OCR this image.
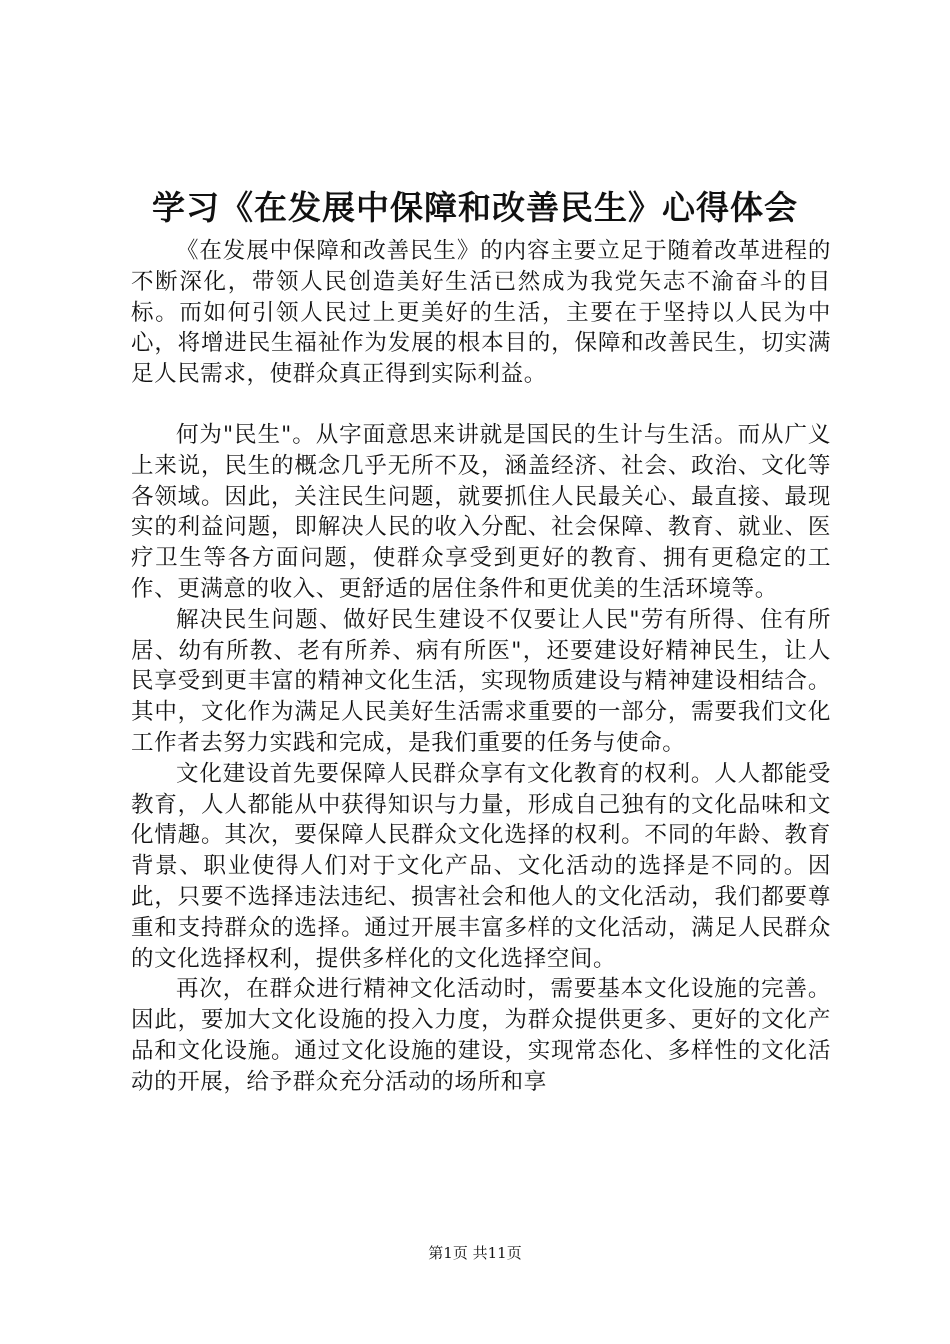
学习《在发展中保障和改善民生》心得体会

《在发展中保障和改善民生》的内容主要立足于随着改革进程的不断深化，带领人民创造美好生活已然成为我党矢志不渝奋斗的目标。而如何引领人民过上更美好的生活，主要在于坚持以人民为中心，将增进民生福祉作为发展的根本目的，保障和改善民生，切实满足人民需求，使群众真正得到实际利益。

何为"民生"。从字面意思来讲就是国民的生计与生活。而从广义上来说，民生的概念几乎无所不及，涵盖经济、社会、政治、文化等各领域。因此，关注民生问题，就要抓住人民最关心、最直接、最现实的利益问题，即解决人民的收入分配、社会保障、教育、就业、医疗卫生等各方面问题，使群众享受到更好的教育、拥有更稳定的工作、更满意的收入、更舒适的居住条件和更优美的生活环境等。

解决民生问题、做好民生建设不仅要让人民"劳有所得、住有所居、幼有所教、老有所养、病有所医"，还要建设好精神民生，让人民享受到更丰富的精神文化生活，实现物质建设与精神建设相结合。其中，文化作为满足人民美好生活需求重要的一部分，需要我们文化工作者去努力实践和完成，是我们重要的任务与使命。

文化建设首先要保障人民群众享有文化教育的权利。人人都能受教育，人人都能从中获得知识与力量，形成自己独有的文化品味和文化情趣。其次，要保障人民群众文化选择的权利。不同的年龄、教育背景、职业使得人们对于文化产品、文化活动的选择是不同的。因此，只要不选择违法违纪、损害社会和他人的文化活动，我们都要尊重和支持群众的选择。通过开展丰富多样的文化活动，满足人民群众的文化选择权利，提供多样化的文化选择空间。

再次，在群众进行精神文化活动时，需要基本文化设施的完善。因此，要加大文化设施的投入力度，为群众提供更多、更好的文化产品和文化设施。通过文化设施的建设，实现常态化、多样性的文化活动的开展，给予群众充分活动的场所和享

第1页 共11页
